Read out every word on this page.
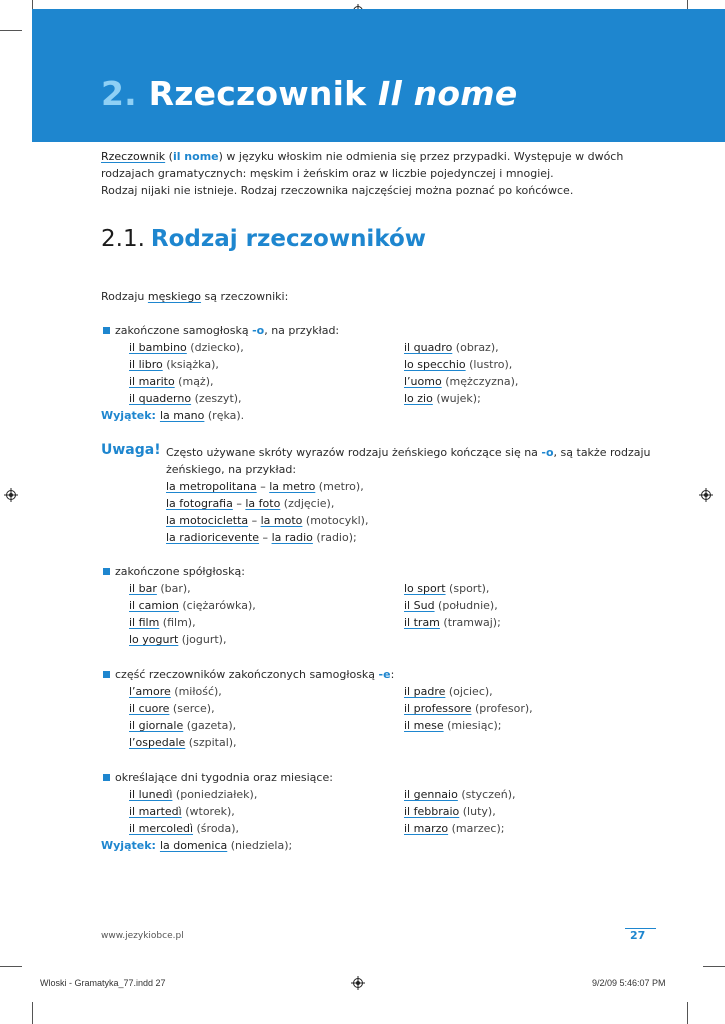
2. Rzeczownik Il nome

Rzeczownik (il nome) w języku włoskim nie odmienia się przez przypadki. Występuje w dwóch

rodzajach gramatycznych: męskim i żeńskim oraz w liczbie pojedynczej i mnogiej.

Rodzaj nijaki nie istnieje. Rodzaj rzeczownika najczęściej można poznać po końcówce.

2.1. Rodzaj rzeczowników
Rodzaju męskiego są rzeczowniki:
zakończone samogłoską -o, na przykład:
il bambino (dziecko),
il libro (książka),
il marito (mąż),
il quaderno (zeszyt),
il quadro (obraz),
lo specchio (lustro),
l’uomo (mężczyzna),
lo zio (wujek);
Wyjątek: la mano (ręka).
Uwaga! Często używane skróty wyrazów rodzaju żeńskiego kończące się na -o, są także rodzaju
żeńskiego, na przykład:
la metropolitana – la metro (metro),
la fotografia – la foto (zdjęcie),
la motocicletta – la moto (motocykl),
la radioricevente – la radio (radio);
zakończone spółgłoską:
il bar (bar),
il camion (ciężarówka),
il film (film),
lo yogurt (jogurt),
lo sport (sport),
il Sud (południe),
il tram (tramwaj);
część rzeczowników zakończonych samogłoską -e:
l’amore (miłość),
il cuore (serce),
il giornale (gazeta),
l’ospedale (szpital),
il padre (ojciec),
il professore (profesor),
il mese (miesiąc);
określające dni tygodnia oraz miesiące:
il lunedì (poniedziałek),
il martedì (wtorek),
il mercoledì (środa),
il gennaio (styczeń),
il febbraio (luty),
il marzo (marzec);
Wyjątek: la domenica (niedziela);
www.jezykiobce.pl	27
Wloski - Gramatyka_77.indd 27	9/2/09 5:46:07 PM
